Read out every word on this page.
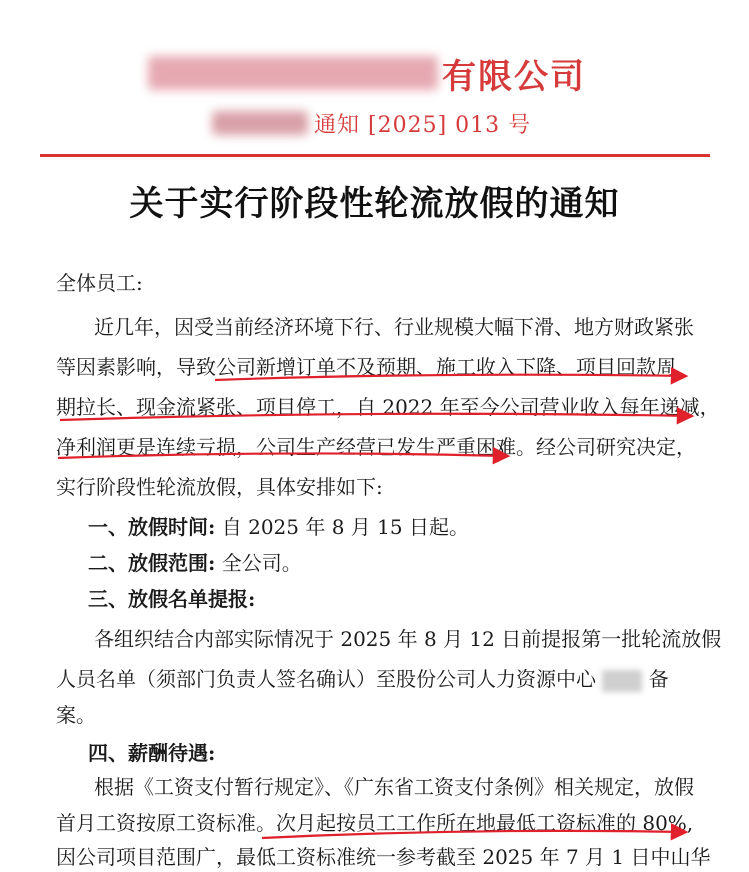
有限公司
通知 [2025] 013 号
关于实行阶段性轮流放假的通知
全体员工:
近几年，因受当前经济环境下行、行业规模大幅下滑、地方财政紧张
等因素影响，导致公司新增订单不及预期、施工收入下降、项目回款周
期拉长、现金流紧张、项目停工，自 2022 年至今公司营业收入每年递减，
净利润更是连续亏损，公司生产经营已发生严重困难。经公司研究决定，
实行阶段性轮流放假，具体安排如下:
一、放假时间: 自 2025 年 8 月 15 日起。
二、放假范围: 全公司。
三、放假名单提报:
各组织结合内部实际情况于 2025 年 8 月 12 日前提报第一批轮流放假
人员名单（须部门负责人签名确认）至股份公司人力资源中心	备
案。
四、薪酬待遇:
根据《工资支付暂行规定》、《广东省工资支付条例》相关规定，放假
首月工资按原工资标准。次月起按员工工作所在地最低工资标准的 80%,
因公司项目范围广，最低工资标准统一参考截至 2025 年 7 月 1 日中山华
